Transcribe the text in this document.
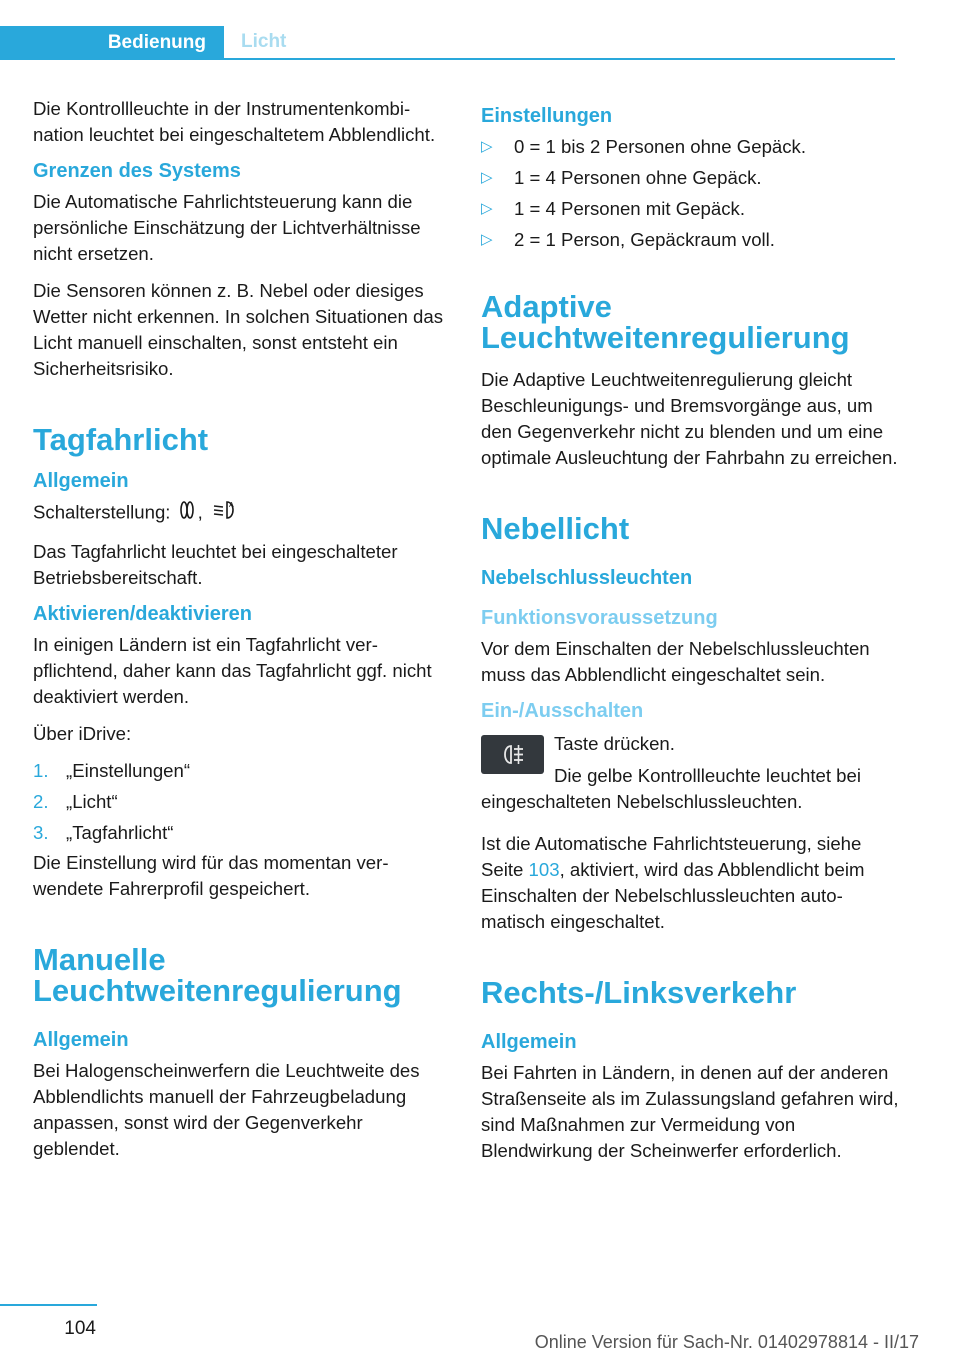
Bedienung	Licht

Die Kontrollleuchte in der Instrumentenkombination leuchtet bei eingeschaltetem Abblendlicht.

Grenzen des Systems

Die Automatische Fahrlichtsteuerung kann die persönliche Einschätzung der Lichtverhältnisse nicht ersetzen.

Die Sensoren können z. B. Nebel oder diesiges Wetter nicht erkennen. In solchen Situationen das Licht manuell einschalten, sonst entsteht ein Sicherheitsrisiko.

Tagfahrlicht
Allgemein

Schalterstellung: ,	A

Das Tagfahrlicht leuchtet bei eingeschalteter Betriebsbereitschaft.

Aktivieren/deaktivieren

In einigen Ländern ist ein Tagfahrlicht verpflichtend, daher kann das Tagfahrlicht ggf. nicht deaktiviert werden.

Über iDrive:

1. „Einstellungen“
2. „Licht“
3. „Tagfahrlicht“

Die Einstellung wird für das momentan verwendete Fahrerprofil gespeichert.

Manuelle Leuchtweitenregulierung
Allgemein

Bei Halogenscheinwerfern die Leuchtweite des Abblendlichts manuell der Fahrzeugbeladung anpassen, sonst wird der Gegenverkehr geblendet.

Einstellungen
▷	0 = 1 bis 2 Personen ohne Gepäck.
▷	1 = 4 Personen ohne Gepäck.
▷	1 = 4 Personen mit Gepäck.
▷	2 = 1 Person, Gepäckraum voll.
Adaptive Leuchtweitenregulierung

Die Adaptive Leuchtweitenregulierung gleicht Beschleunigungs- und Bremsvorgänge aus, um den Gegenverkehr nicht zu blenden und um eine optimale Ausleuchtung der Fahrbahn zu erreichen.

Nebellicht
Nebelschlussleuchten
Funktionsvoraussetzung

Vor dem Einschalten der Nebelschlussleuchten muss das Abblendlicht eingeschaltet sein.

Ein-/Ausschalten

Taste drücken.

Die gelbe Kontrollleuchte leuchtet bei eingeschalteten Nebelschlussleuchten.

Ist die Automatische Fahrlichtsteuerung, siehe Seite 103, aktiviert, wird das Abblendlicht beim Einschalten der Nebelschlussleuchten automatisch eingeschaltet.

Rechts-/Linksverkehr
Allgemein

Bei Fahrten in Ländern, in denen auf der anderen Straßenseite als im Zulassungsland gefahren wird, sind Maßnahmen zur Vermeidung von Blendwirkung der Scheinwerfer erforderlich.

104
Online Version für Sach-Nr. 01402978814 - II/17
